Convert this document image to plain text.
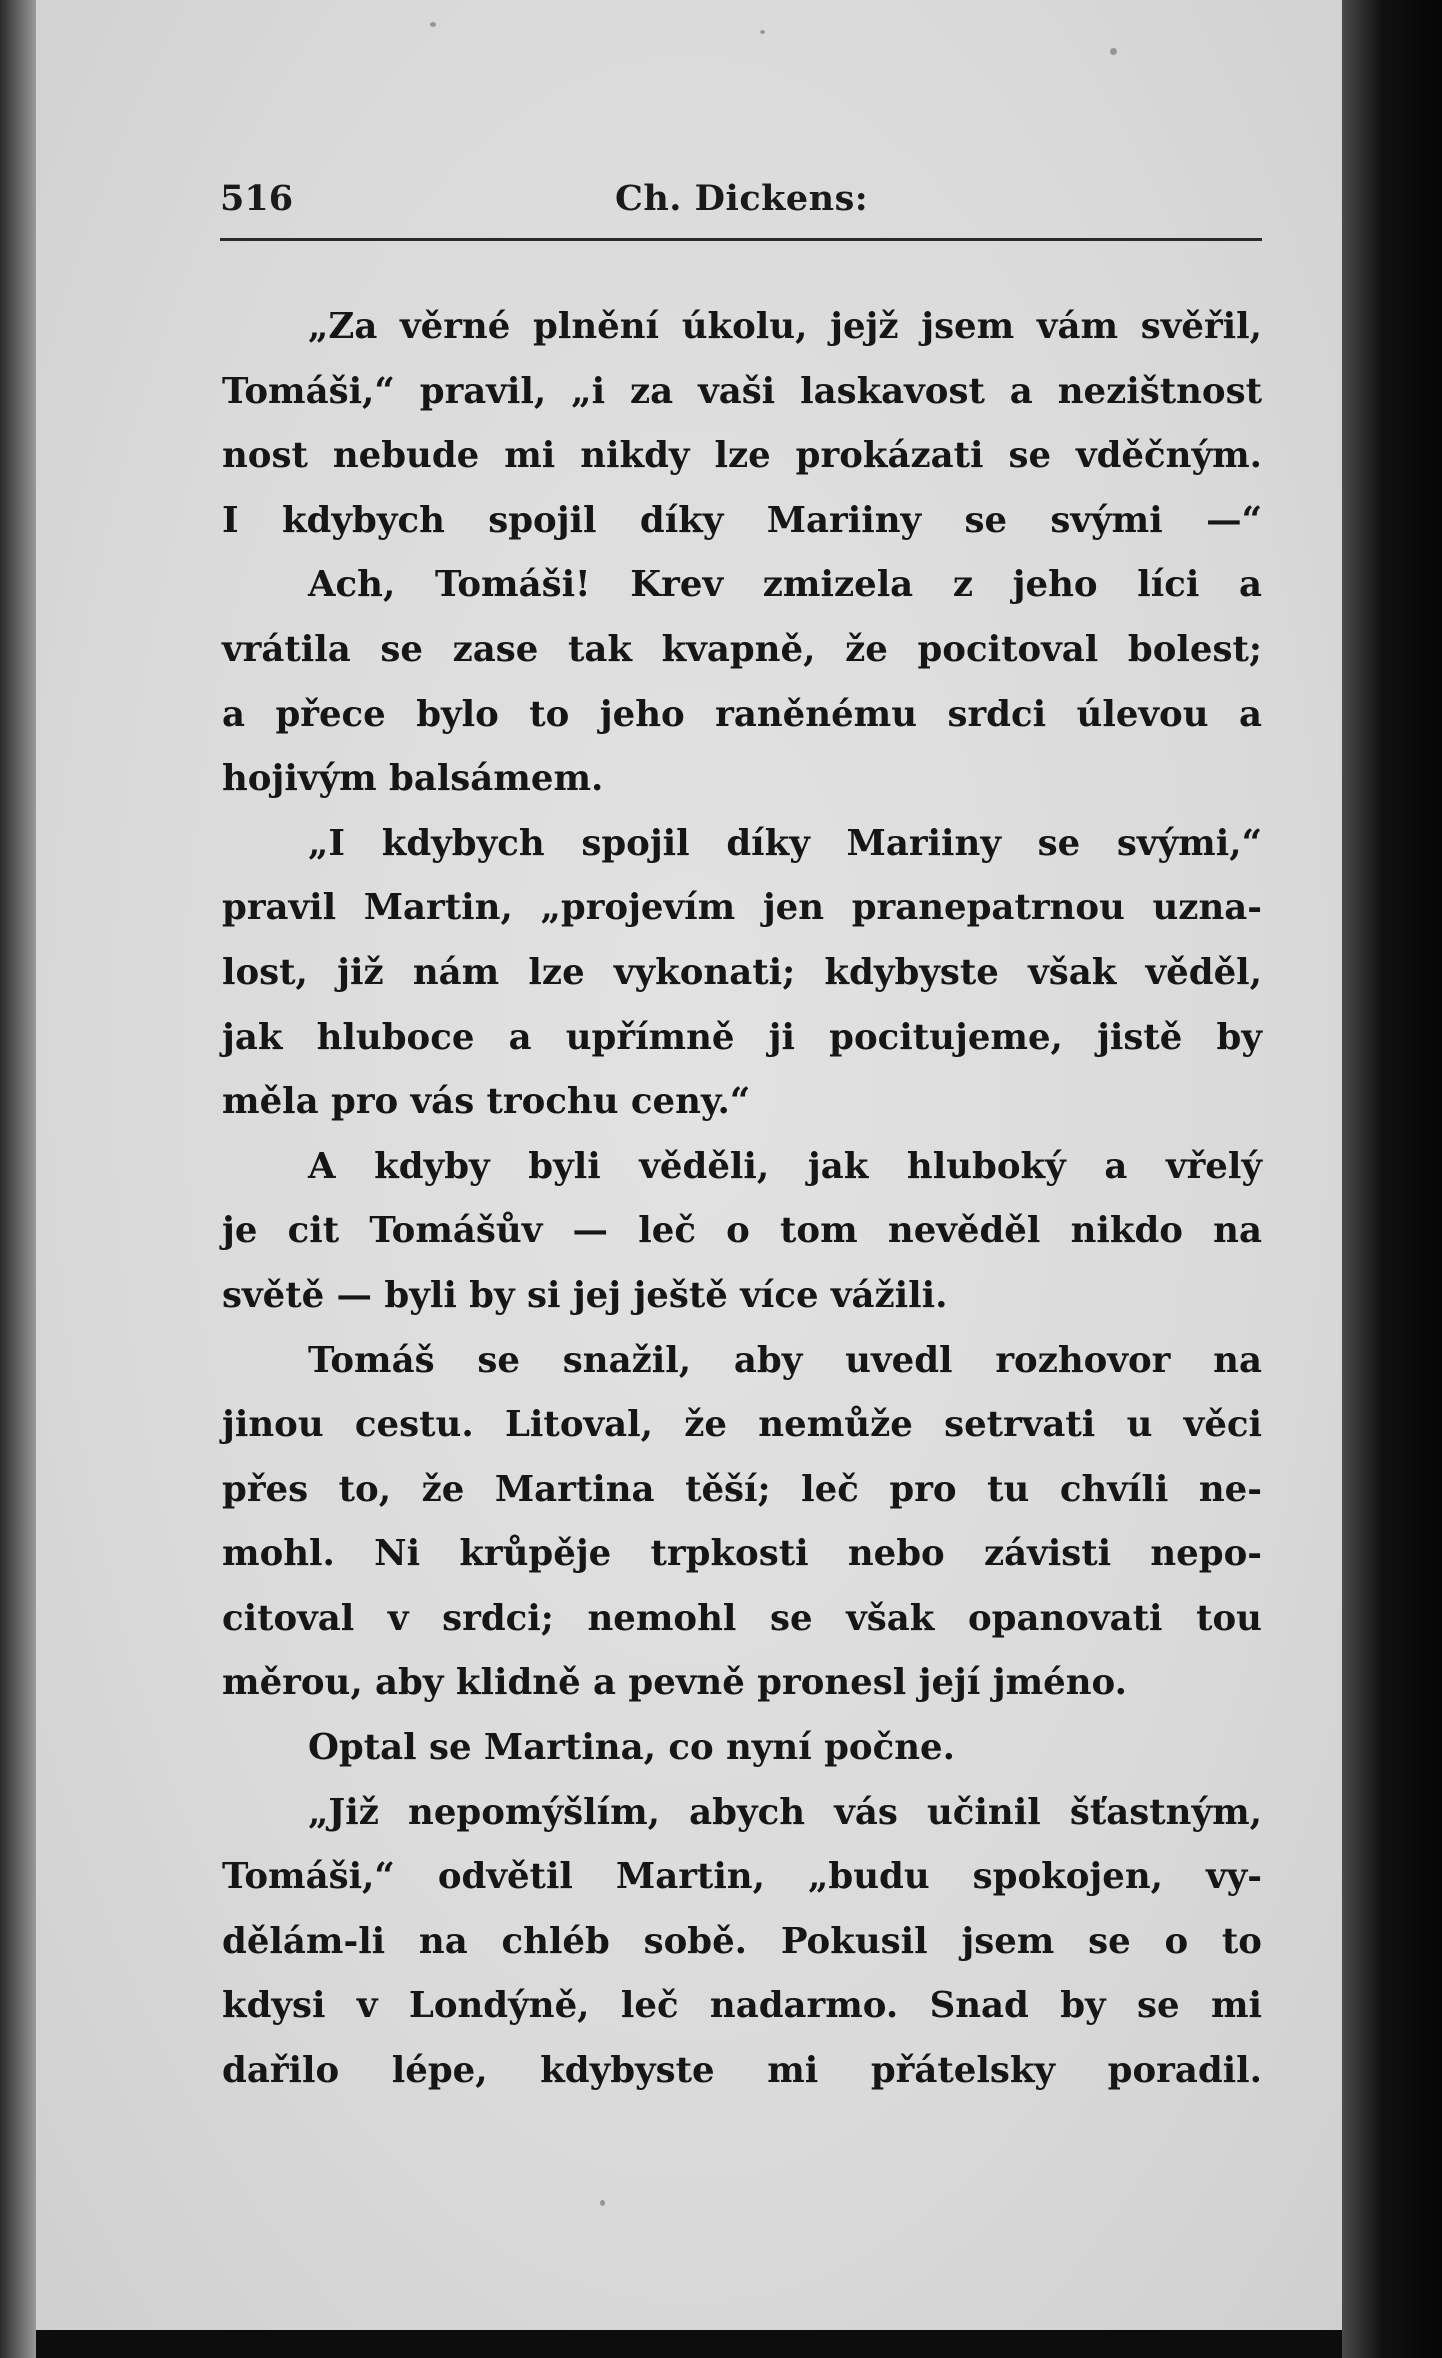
516	Ch. Dickens:
„Za věrné plnění úkolu, jejž jsem vám svěřil,
Tomáši,“ pravil, „i za vaši laskavost a nezištnost
nost nebude mi nikdy lze prokázati se vděčným.
I kdybych spojil díky Mariiny se svými —“
Ach, Tomáši! Krev zmizela z jeho líci a
vrátila se zase tak kvapně, že pocitoval bolest;
a přece bylo to jeho raněnému srdci úlevou a
hojivým balsámem.
„I kdybych spojil díky Mariiny se svými,“
pravil Martin, „projevím jen pranepatrnou uzna-
lost, již nám lze vykonati; kdybyste však věděl,
jak hluboce a upřímně ji pocitujeme, jistě by
měla pro vás trochu ceny.“
A kdyby byli věděli, jak hluboký a vřelý
je cit Tomášův — leč o tom nevěděl nikdo na
světě — byli by si jej ještě více vážili.
Tomáš se snažil, aby uvedl rozhovor na
jinou cestu. Litoval, že nemůže setrvati u věci
přes to, že Martina těší; leč pro tu chvíli ne-
mohl. Ni krůpěje trpkosti nebo závisti nepo-
citoval v srdci; nemohl se však opanovati tou
měrou, aby klidně a pevně pronesl její jméno.
Optal se Martina, co nyní počne.
„Již nepomýšlím, abych vás učinil šťastným,
Tomáši,“ odvětil Martin, „budu spokojen, vy-
dělám-li na chléb sobě. Pokusil jsem se o to
kdysi v Londýně, leč nadarmo. Snad by se mi
dařilo lépe, kdybyste mi přátelsky poradil.
